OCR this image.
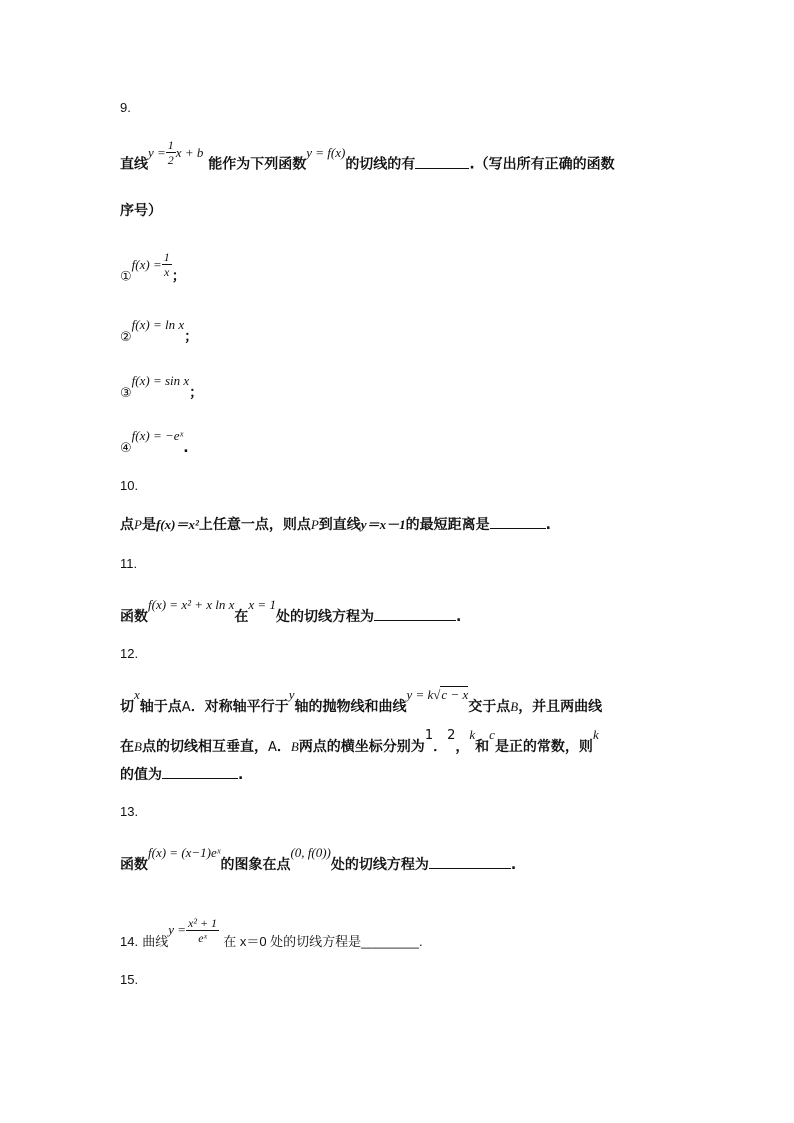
9.
直线$y = \frac{1}{2}$ x + b 能作为下列函数y = f(x)的切线的有	.（写出所有正确的函数
序号）
①f(x) = $\frac{1}{x}$ ；
②f(x) = ln x；
③f(x) = sin x；
④f(x) = −eˣ.
10.
点P是f(x)＝x²上任意一点，则点P到直线y＝x－1的最短距离是	.
11.
函数f(x) = x² + x ln x在x = 1处的切线方程为	.
12.
切x轴于点A．对称轴平行于y轴的抛物线和曲线y = k√c − x交于点B，并且两曲线
在B点的切线相互垂直，A．B两点的横坐标分别为1．2，k和c是正的常数，则k
的值为	.
13.
函数f(x) = (x−1)eˣ的图象在点(0, f(0))处的切线方程为	.
14. 曲线$y = \frac{\text{x² + 1}}{\text{eˣ}}$ 在 x＝0 处的切线方程是________.
15.
